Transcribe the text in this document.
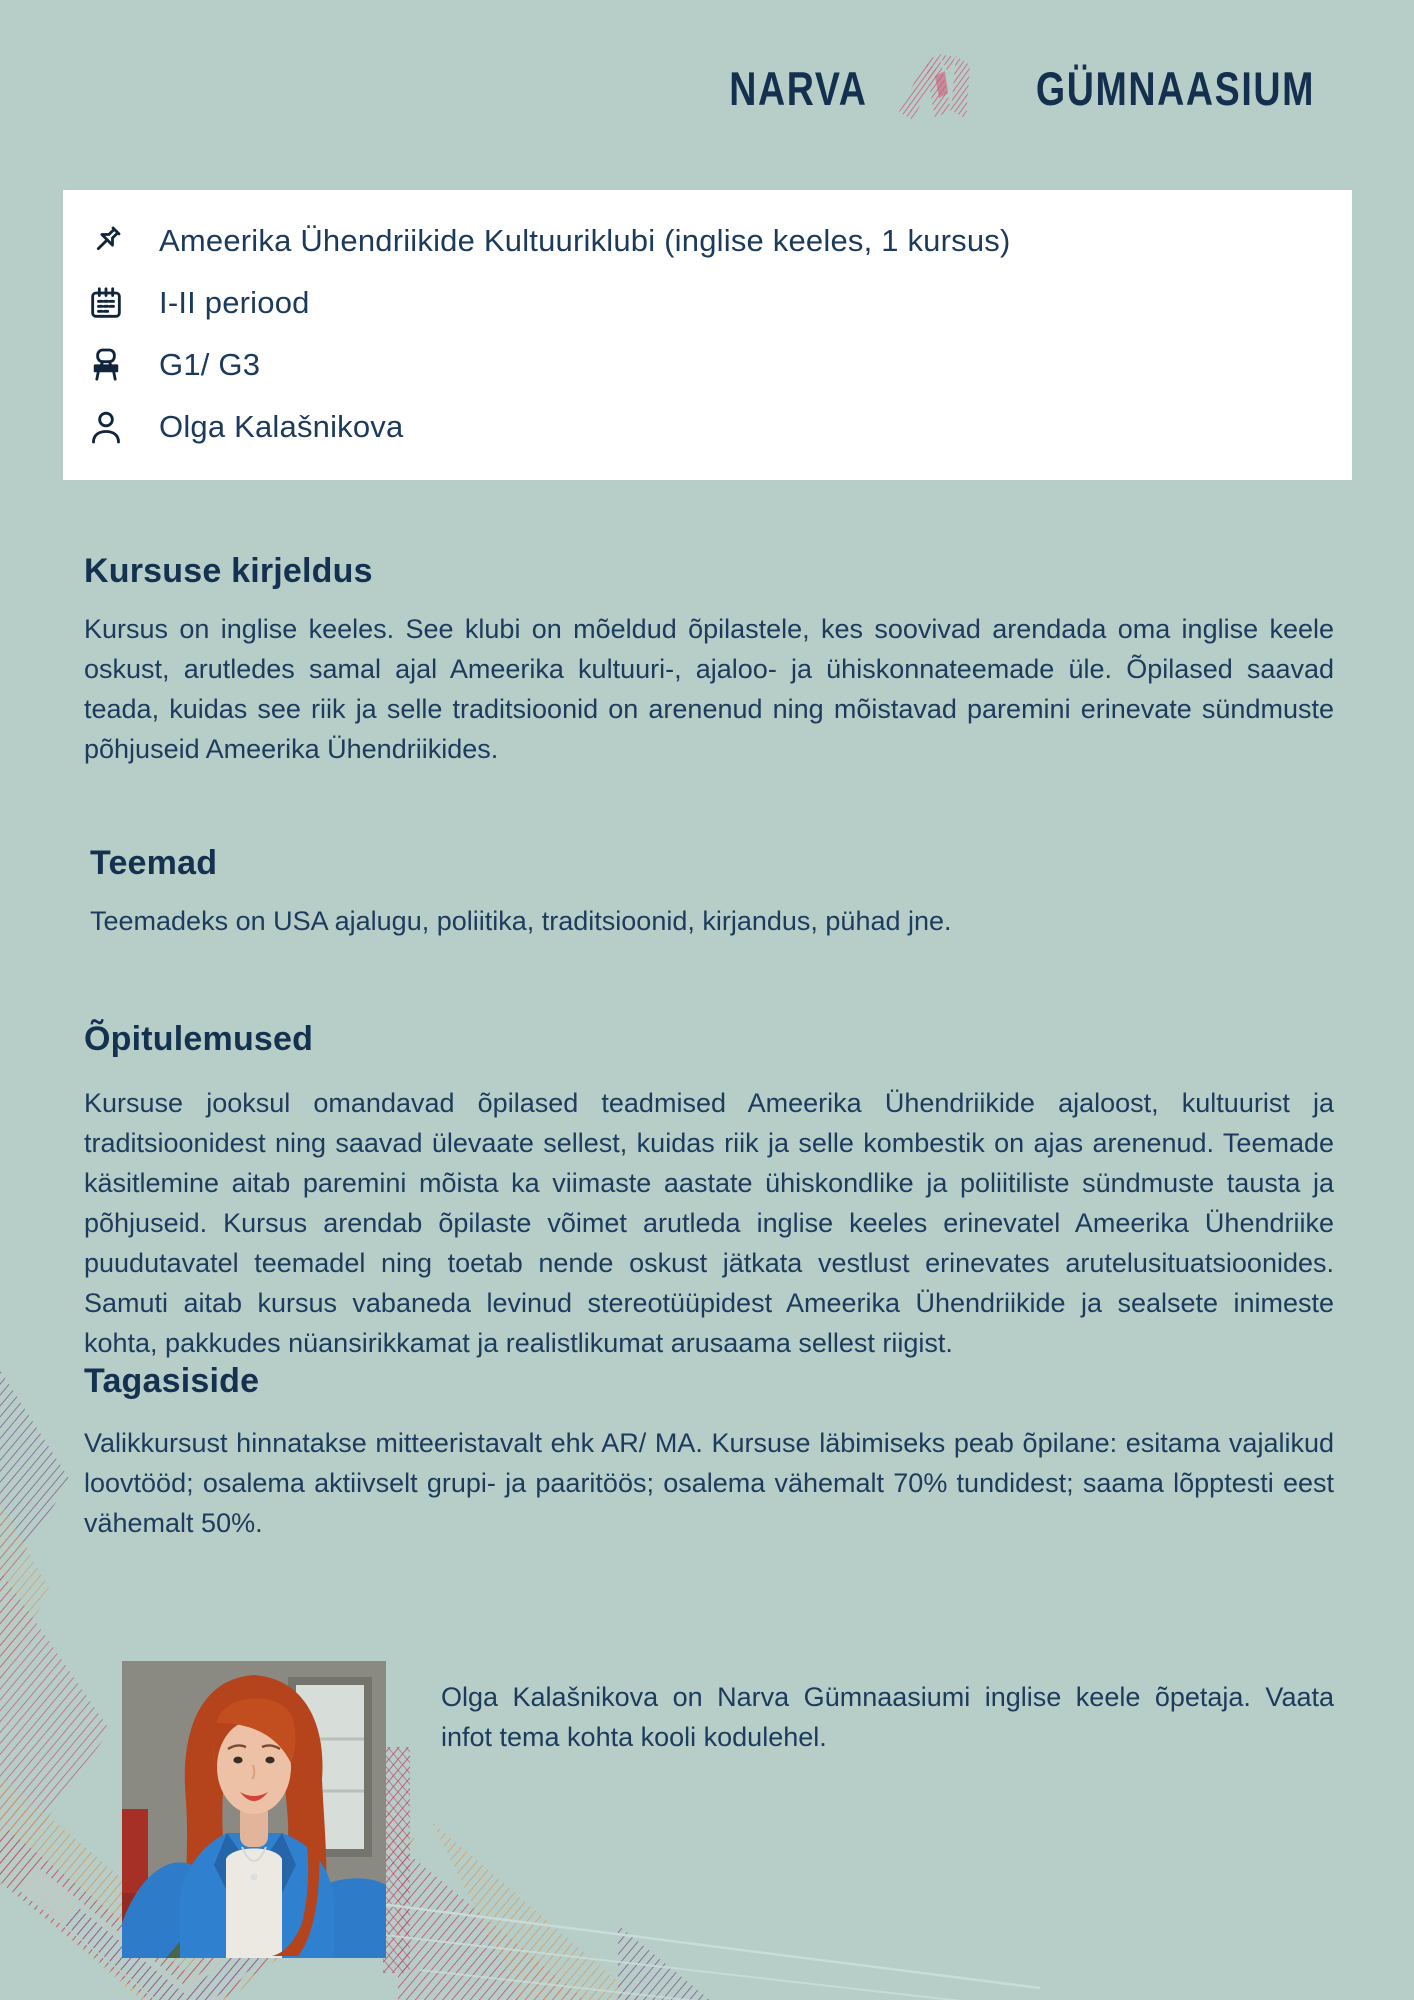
NARVA	GÜMNAASIUM
Ameerika Ühendriikide Kultuuriklubi (inglise keeles, 1 kursus)
I-II periood
G1/ G3
Olga Kalašnikova
Kursuse kirjeldus

Kursus on inglise keeles. See klubi on mõeldud õpilastele, kes soovivad arendada oma inglise keele oskust, arutledes samal ajal Ameerika kultuuri-, ajaloo- ja ühiskonnateemade üle. Õpilased saavad teada, kuidas see riik ja selle traditsioonid on arenenud ning mõistavad paremini erinevate sündmuste põhjuseid Ameerika Ühendriikides.

Teemad

Teemadeks on USA ajalugu, poliitika, traditsioonid, kirjandus, pühad jne.

Õpitulemused

Kursuse jooksul omandavad õpilased teadmised Ameerika Ühendriikide ajaloost, kultuurist ja traditsioonidest ning saavad ülevaate sellest, kuidas riik ja selle kombestik on ajas arenenud. Teemade käsitlemine aitab paremini mõista ka viimaste aastate ühiskondlike ja poliitiliste sündmuste tausta ja põhjuseid. Kursus arendab õpilaste võimet arutleda inglise keeles erinevatel Ameerika Ühendriike puudutavatel teemadel ning toetab nende oskust jätkata vestlust erinevates arutelusituatsioonides. Samuti aitab kursus vabaneda levinud stereotüüpidest Ameerika Ühendriikide ja sealsete inimeste kohta, pakkudes nüansirikkamat ja realistlikumat arusaama sellest riigist.

Tagasiside

Valikkursust hinnatakse mitteeristavalt ehk AR/ MA. Kursuse läbimiseks peab õpilane: esitama vajalikud loovtööd; osalema aktiivselt grupi- ja paaritöös; osalema vähemalt 70% tundidest; saama lõpptesti eest vähemalt 50%.

Olga Kalašnikova on Narva Gümnaasiumi inglise keele õpetaja. Vaata infot tema kohta kooli kodulehel.
